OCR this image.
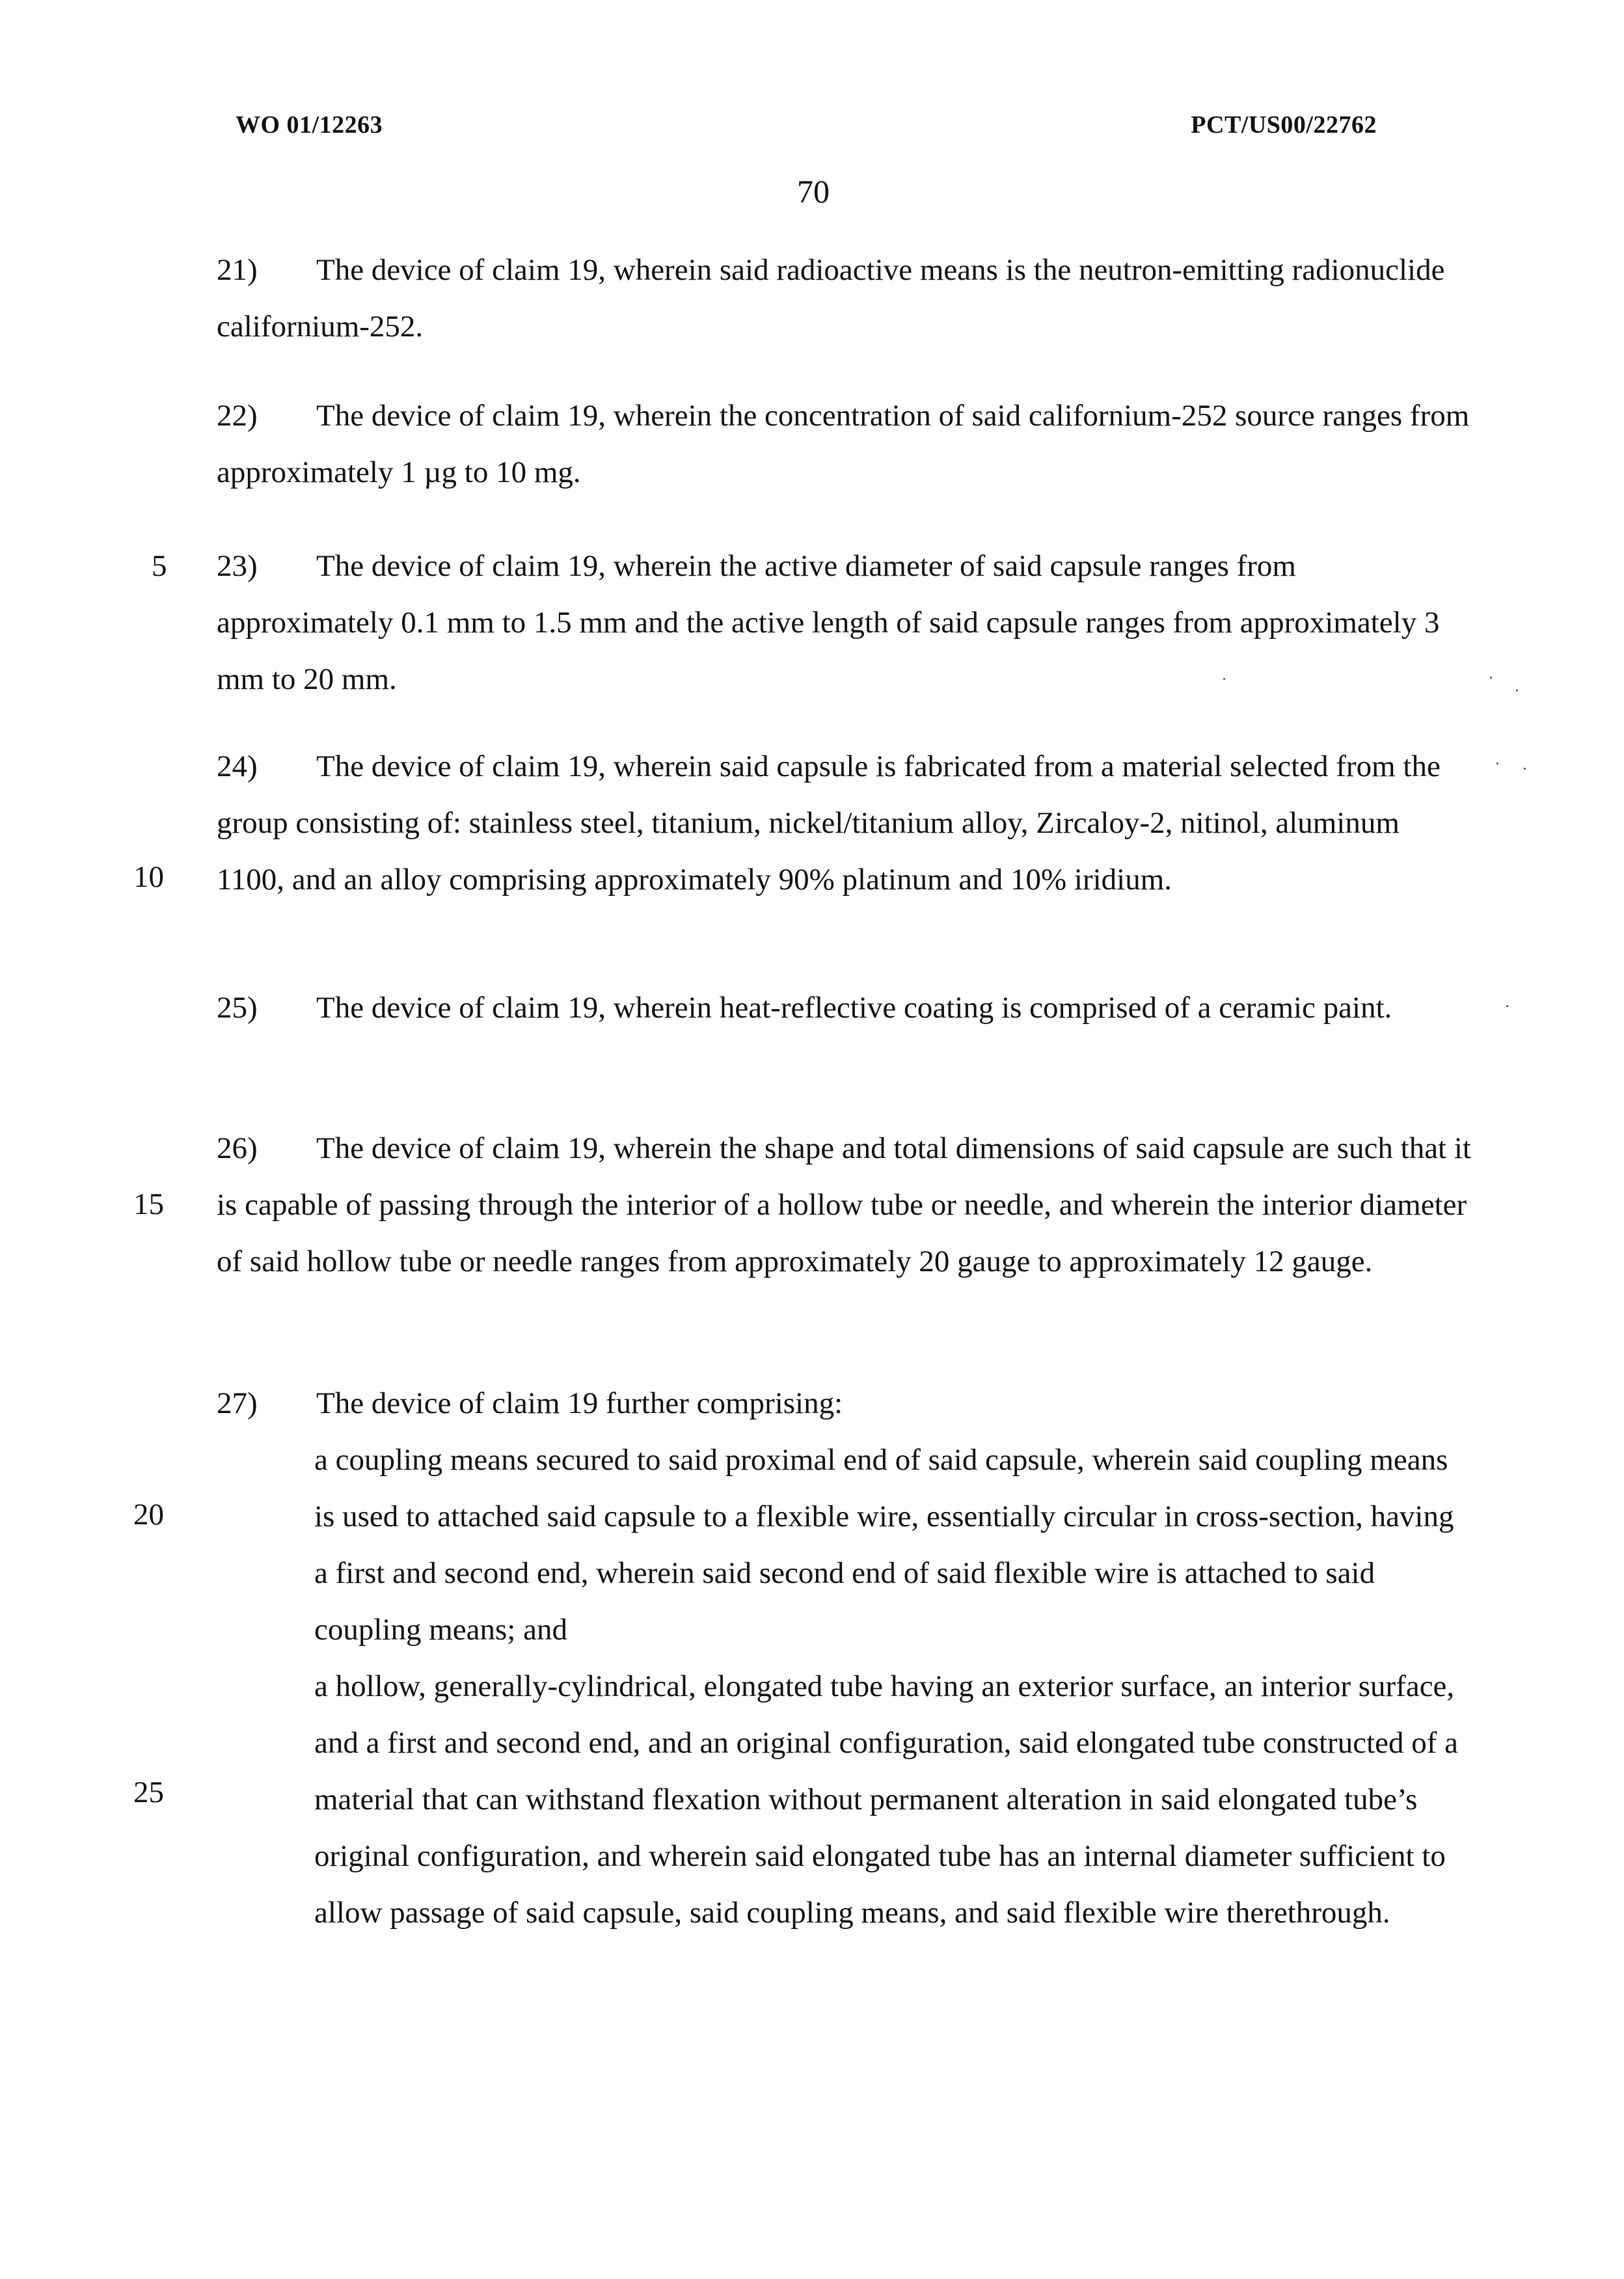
WO 01/12263	PCT/US00/22762
70
5
10
15
20
25

21) The device of claim 19, wherein said radioactive means is the neutron-emitting radionuclide californium-252.

22) The device of claim 19, wherein the concentration of said californium-252 source ranges from approximately 1 µg to 10 mg.

23) The device of claim 19, wherein the active diameter of said capsule ranges from approximately 0.1 mm to 1.5 mm and the active length of said capsule ranges from approximately 3 mm to 20 mm.

24) The device of claim 19, wherein said capsule is fabricated from a material selected from the group consisting of: stainless steel, titanium, nickel/titanium alloy, Zircaloy-2, nitinol, aluminum 1100, and an alloy comprising approximately 90% platinum and 10% iridium.

25) The device of claim 19, wherein heat-reflective coating is comprised of a ceramic paint.

26) The device of claim 19, wherein the shape and total dimensions of said capsule are such that it is capable of passing through the interior of a hollow tube or needle, and wherein the interior diameter of said hollow tube or needle ranges from approximately 20 gauge to approximately 12 gauge.

27) The device of claim 19 further comprising:
a coupling means secured to said proximal end of said capsule, wherein said coupling means is used to attached said capsule to a flexible wire, essentially circular in cross-section, having a first and second end, wherein said second end of said flexible wire is attached to said coupling means; and
a hollow, generally-cylindrical, elongated tube having an exterior surface, an interior surface, and a first and second end, and an original configuration, said elongated tube constructed of a material that can withstand flexation without permanent alteration in said elongated tube’s original configuration, and wherein said elongated tube has an internal diameter sufficient to allow passage of said capsule, said coupling means, and said flexible wire therethrough.
